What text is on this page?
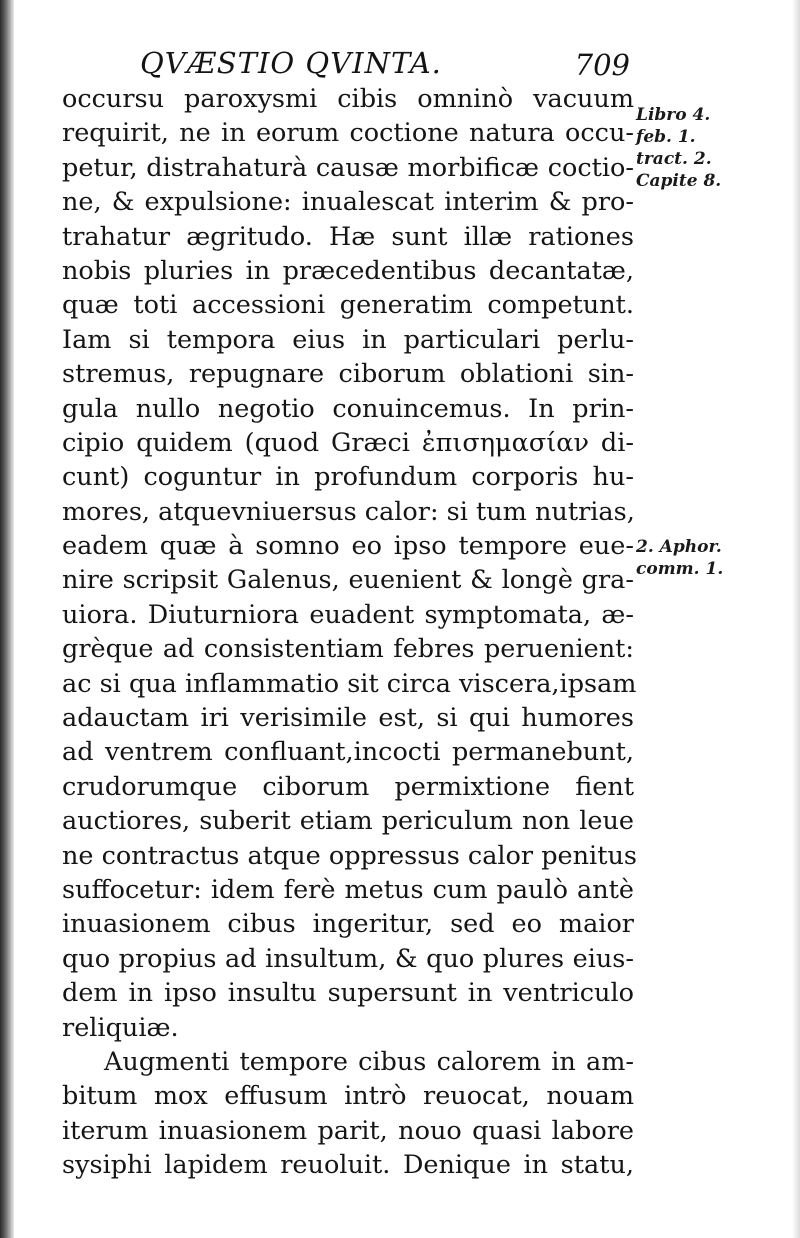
QVÆSTIO QVINTA.	709
occursu paroxysmi cibis omninò vacuum
requirit, ne in eorum coctione natura occu-
petur, distrahaturà causæ morbificæ coctio-
ne, & expulsione: inualescat interim & pro-
trahatur ægritudo. Hæ sunt illæ rationes
nobis pluries in præcedentibus decantatæ,
quæ toti accessioni generatim competunt.
Iam si tempora eius in particulari perlu-
stremus, repugnare ciborum oblationi sin-
gula nullo negotio conuincemus. In prin-
cipio quidem (quod Græci ἐπισημασίαν di-
cunt) coguntur in profundum corporis hu-
mores, atquevniuersus calor: si tum nutrias,
eadem quæ à somno eo ipso tempore eue-
nire scripsit Galenus, euenient & longè gra-
uiora. Diuturniora euadent symptomata, æ-
grèque ad consistentiam febres peruenient:
ac si qua inflammatio sit circa viscera,ipsam
adauctam iri verisimile est, si qui humores
ad ventrem confluant,incocti permanebunt,
crudorumque ciborum permixtione fient
auctiores, suberit etiam periculum non leue
ne contractus atque oppressus calor penitus
suffocetur: idem ferè metus cum paulò antè
inuasionem cibus ingeritur, sed eo maior
quo propius ad insultum, & quo plures eius-
dem in ipso insultu supersunt in ventriculo
reliquiæ.
Augmenti tempore cibus calorem in am-
bitum mox effusum intrò reuocat, nouam
iterum inuasionem parit, nouo quasi labore
sysiphi lapidem reuoluit. Denique in statu,
Libro 4.
feb. 1.
tract. 2.
Capite 8.
2. Aphor.
comm. 1.
